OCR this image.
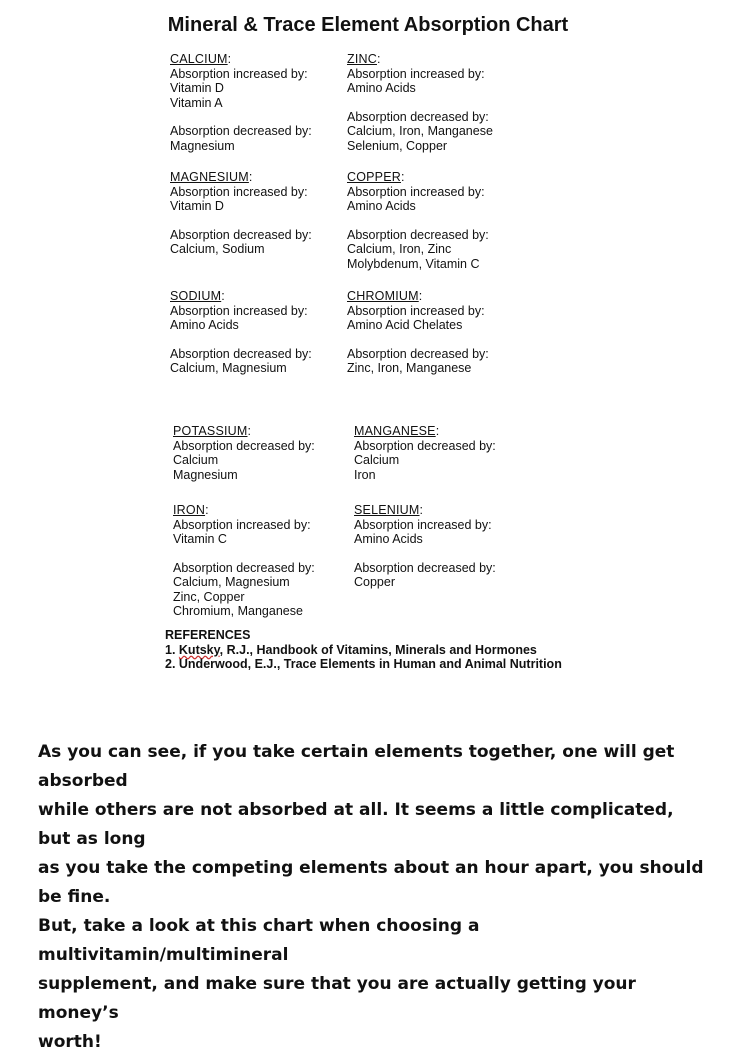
Mineral & Trace Element Absorption Chart
CALCIUM:
Absorption increased by:
Vitamin D
Vitamin A
Absorption decreased by:
Magnesium
ZINC:
Absorption increased by:
Amino Acids
Absorption decreased by:
Calcium, Iron, Manganese
Selenium, Copper
MAGNESIUM:
Absorption increased by:
Vitamin D
Absorption decreased by:
Calcium, Sodium
COPPER:
Absorption increased by:
Amino Acids
Absorption decreased by:
Calcium, Iron, Zinc
Molybdenum, Vitamin C
SODIUM:
Absorption increased by:
Amino Acids
Absorption decreased by:
Calcium, Magnesium
CHROMIUM:
Absorption increased by:
Amino Acid Chelates
Absorption decreased by:
Zinc, Iron, Manganese
POTASSIUM:
Absorption decreased by:
Calcium
Magnesium
MANGANESE:
Absorption decreased by:
Calcium
Iron
IRON:
Absorption increased by:
Vitamin C
Absorption decreased by:
Calcium, Magnesium
Zinc, Copper
Chromium, Manganese
SELENIUM:
Absorption increased by:
Amino Acids
Absorption decreased by:
Copper
REFERENCES
1. Kutsky, R.J., Handbook of Vitamins, Minerals and Hormones
2. Underwood, E.J., Trace Elements in Human and Animal Nutrition
As you can see, if you take certain elements together, one will get absorbed
while others are not absorbed at all. It seems a little complicated, but as long
as you take the competing elements about an hour apart, you should be fine.
But, take a look at this chart when choosing a multivitamin/multimineral
supplement, and make sure that you are actually getting your money’s
worth!
